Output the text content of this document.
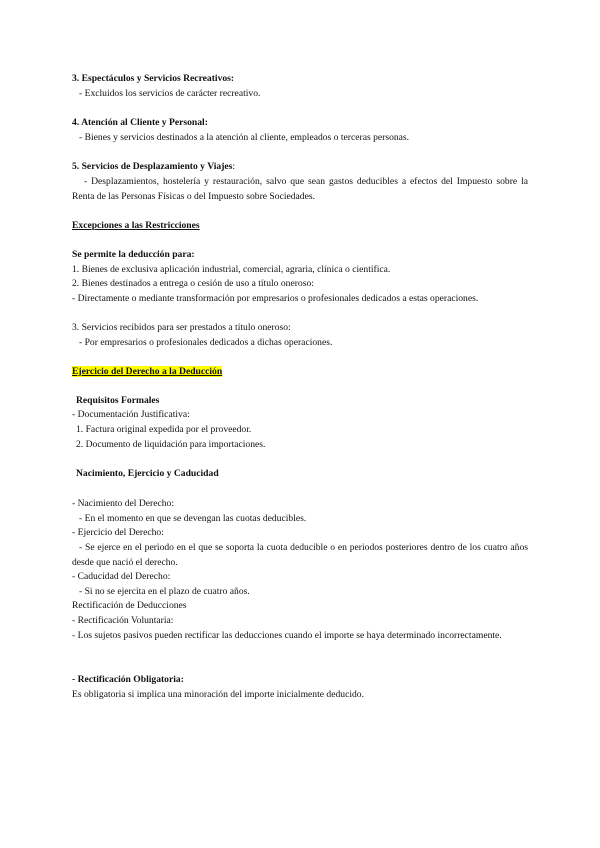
3. Espectáculos y Servicios Recreativos:
- Excluidos los servicios de carácter recreativo.
4. Atención al Cliente y Personal:
- Bienes y servicios destinados a la atención al cliente, empleados o terceras personas.
5. Servicios de Desplazamiento y Viajes:
- Desplazamientos, hostelería y restauración, salvo que sean gastos deducibles a efectos del Impuesto sobre la Renta de las Personas Físicas o del Impuesto sobre Sociedades.
Excepciones a las Restricciones
Se permite la deducción para:
1. Bienes de exclusiva aplicación industrial, comercial, agraria, clínica o científica.
2. Bienes destinados a entrega o cesión de uso a título oneroso:
- Directamente o mediante transformación por empresarios o profesionales dedicados a estas operaciones.
3. Servicios recibidos para ser prestados a título oneroso:
- Por empresarios o profesionales dedicados a dichas operaciones.
Ejercicio del Derecho a la Deducción
Requisitos Formales
- Documentación Justificativa:
1. Factura original expedida por el proveedor.
2. Documento de liquidación para importaciones.
Nacimiento, Ejercicio y Caducidad
- Nacimiento del Derecho:
- En el momento en que se devengan las cuotas deducibles.
- Ejercicio del Derecho:
- Se ejerce en el periodo en el que se soporta la cuota deducible o en periodos posteriores dentro de los cuatro años desde que nació el derecho.
- Caducidad del Derecho:
- Si no se ejercita en el plazo de cuatro años.
Rectificación de Deducciones
- Rectificación Voluntaria:
- Los sujetos pasivos pueden rectificar las deducciones cuando el importe se haya determinado incorrectamente.
- Rectificación Obligatoria:
Es obligatoria si implica una minoración del importe inicialmente deducido.
